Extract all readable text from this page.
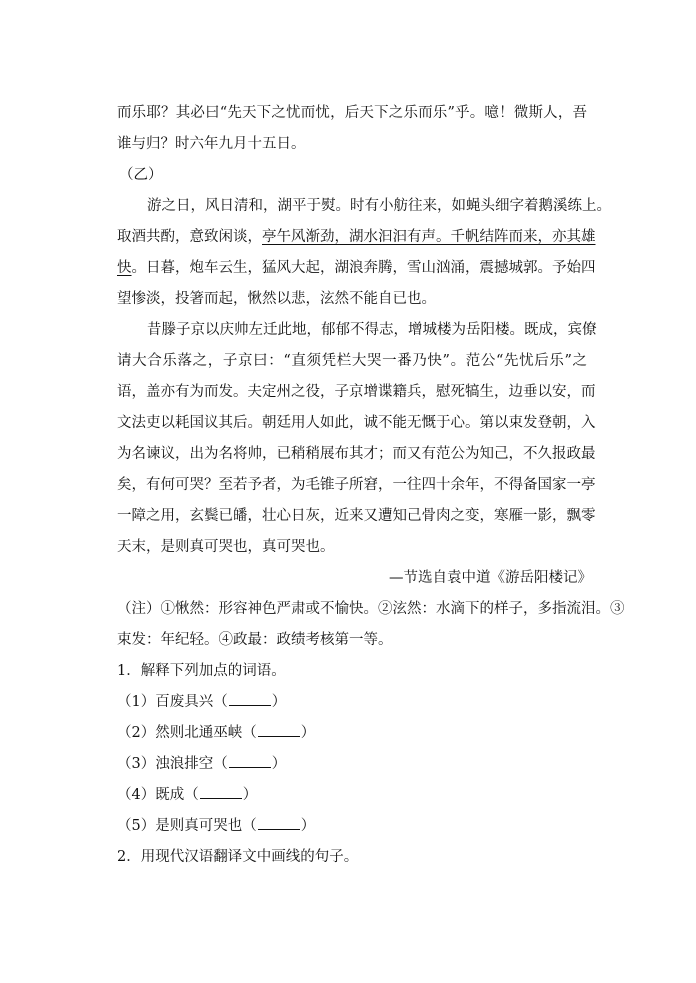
而乐耶？其必曰“先天下之忧而忧，后天下之乐而乐”乎。噫！微斯人，吾
谁与归？时六年九月十五日。
（乙）
游之日，风日清和，湖平于熨。时有小舫往来，如蝇头细字着鹅溪练上。
取酒共酌，意致闲谈，亭午风渐劲，湖水汩汩有声。千帆结阵而来，亦其雄
快。日暮，炮车云生，猛风大起，湖浪奔腾，雪山汹涌，震撼城郭。予始四
望惨淡，投箸而起，愀然以悲，泫然不能自已也。
昔滕子京以庆帅左迁此地，郁郁不得志，增城楼为岳阳楼。既成，宾僚
请大合乐落之，子京曰：“直须凭栏大哭一番乃快”。范公“先忧后乐”之
语，盖亦有为而发。夫定州之役，子京增谍籍兵，慰死犒生，边垂以安，而
文法吏以耗国议其后。朝廷用人如此，诚不能无慨于心。第以束发登朝，入
为名谏议，出为名将帅，已稍稍展布其才；而又有范公为知己，不久报政最
矣，有何可哭？至若予者，为毛锥子所窘，一往四十余年，不得备国家一亭
一障之用，玄鬓已皤，壮心日灰，近来又遭知己骨肉之变，寒雁一影，飘零
天末，是则真可哭也，真可哭也。
—节选自袁中道《游岳阳楼记》
（注）①愀然：形容神色严肃或不愉快。②泫然：水滴下的样子，多指流泪。③
束发：年纪轻。④政最：政绩考核第一等。
1．解释下列加点的词语。
（1）百废具兴（	）
（2）然则北通巫峡（	）
（3）浊浪排空（	）
（4）既成（	）
（5）是则真可哭也（	）
2．用现代汉语翻译文中画线的句子。
